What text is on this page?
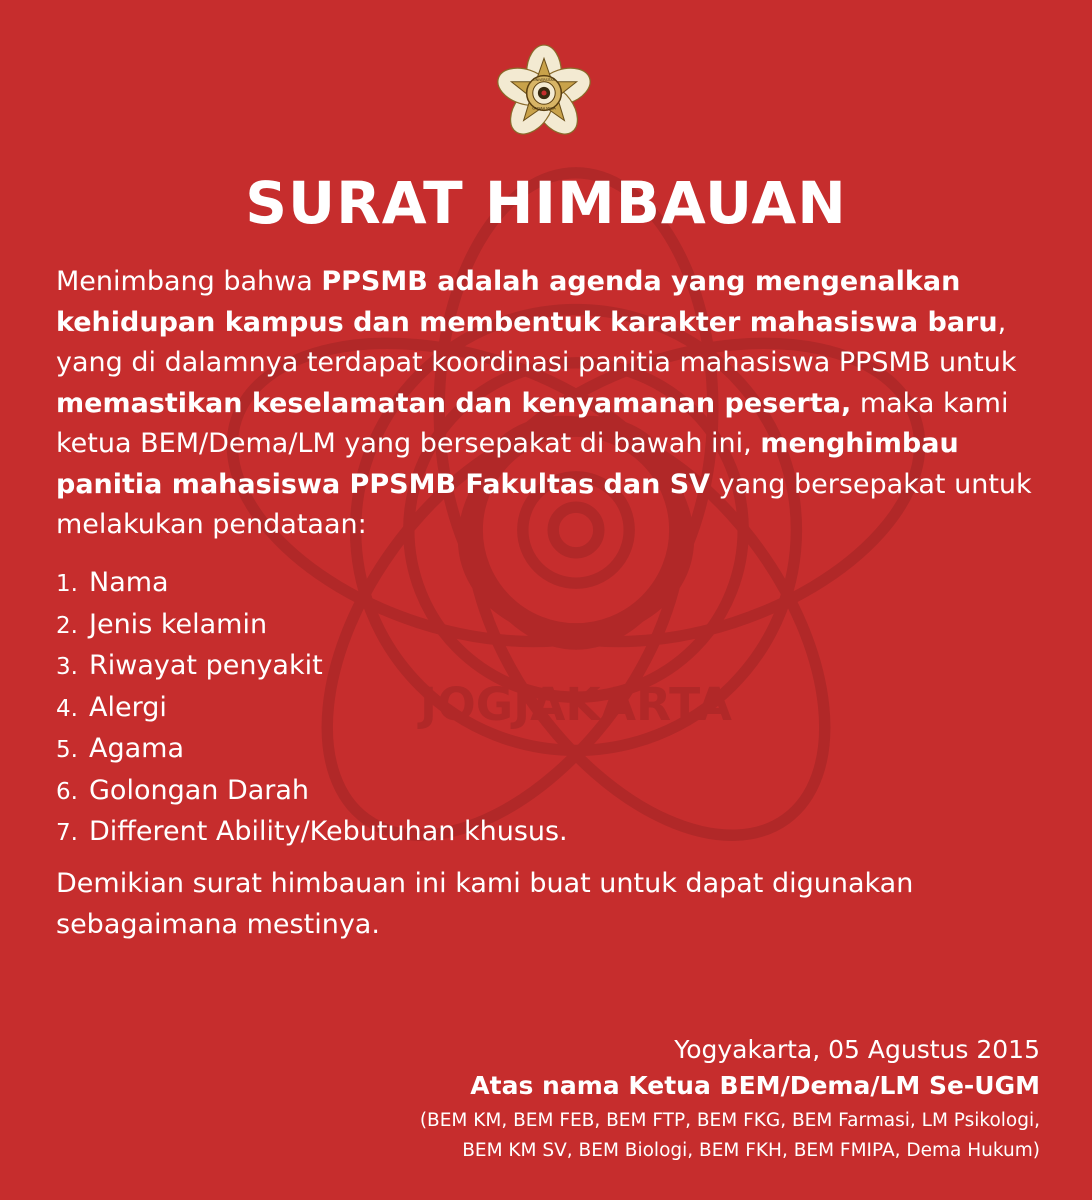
JOGJAKARTA
UNIVERSITAS
GADJAH MADA
SURAT HIMBAUAN

Menimbang bahwa PPSMB adalah agenda yang mengenalkan kehidupan kampus dan membentuk karakter mahasiswa baru, yang di dalamnya terdapat koordinasi panitia mahasiswa PPSMB untuk memastikan keselamatan dan kenyamanan peserta, maka kami ketua BEM/Dema/LM yang bersepakat di bawah ini, menghimbau panitia mahasiswa PPSMB Fakultas dan SV yang bersepakat untuk melakukan pendataan:

1. Nama
2. Jenis kelamin
3. Riwayat penyakit
4. Alergi
5. Agama
6. Golongan Darah
7. Different Ability/Kebutuhan khusus.

Demikian surat himbauan ini kami buat untuk dapat digunakan sebagaimana mestinya.

Yogyakarta, 05 Agustus 2015
Atas nama Ketua BEM/Dema/LM Se-UGM
(BEM KM, BEM FEB, BEM FTP, BEM FKG, BEM Farmasi, LM Psikologi,
BEM KM SV, BEM Biologi, BEM FKH, BEM FMIPA, Dema Hukum)
